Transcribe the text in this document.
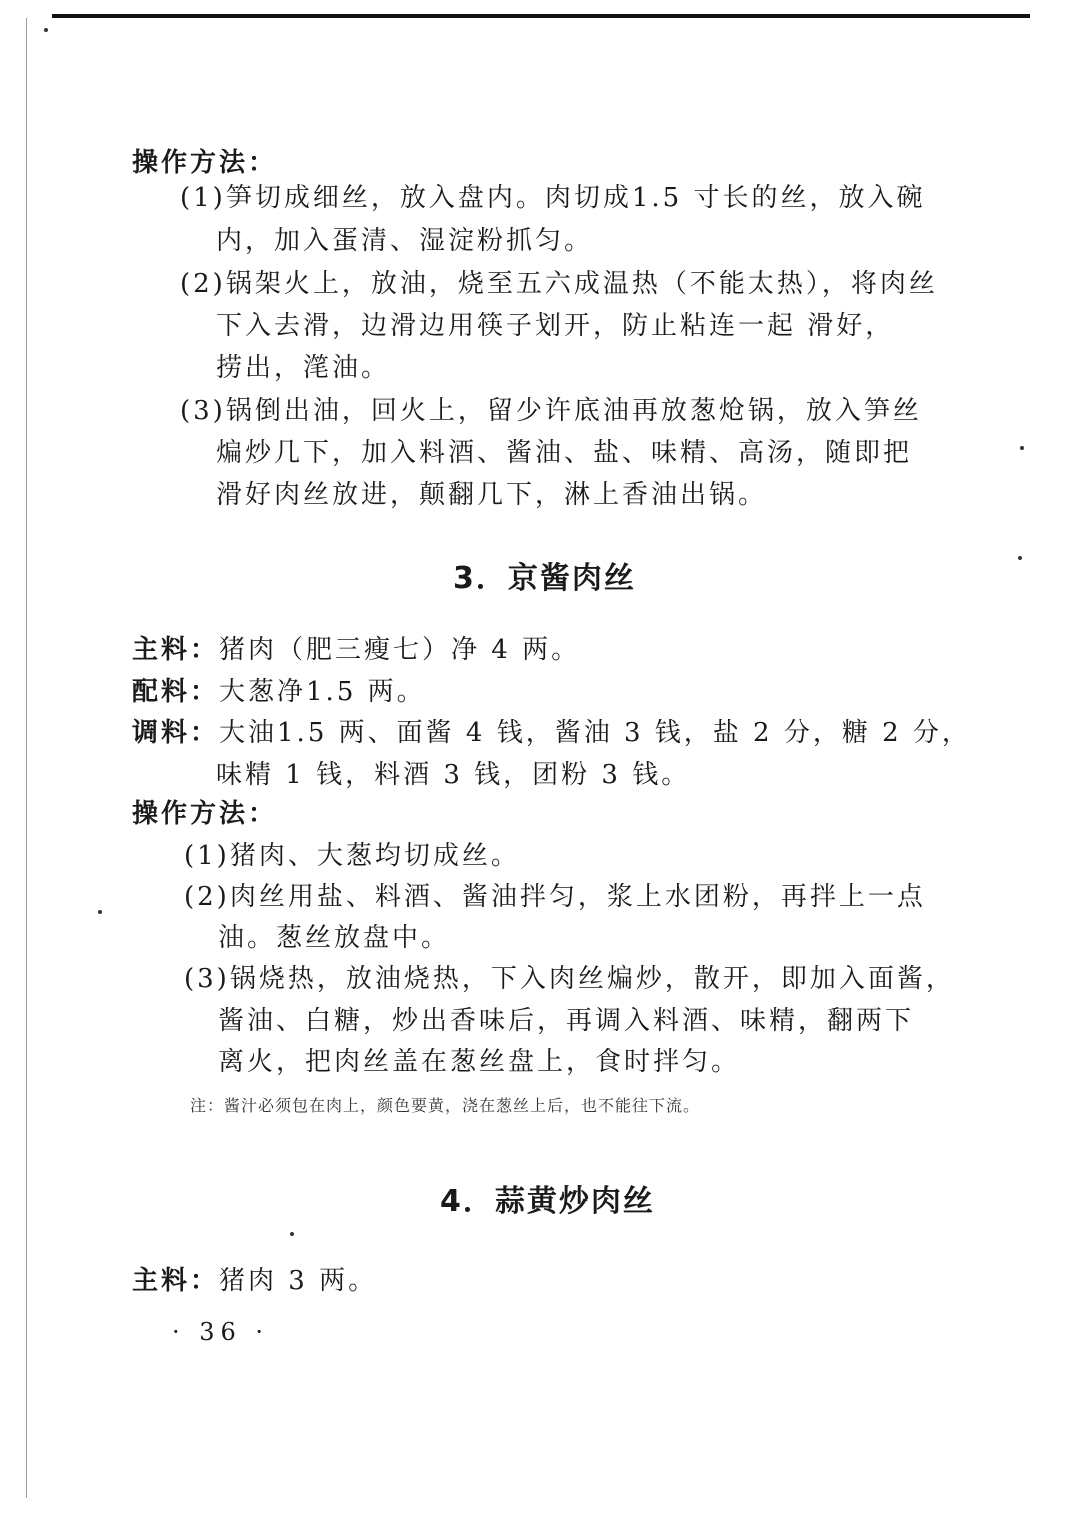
操作方法：
(1)笋切成细丝，放入盘内。肉切成1.5 寸长的丝，放入碗
内，加入蛋清、湿淀粉抓匀。
(2)锅架火上，放油，烧至五六成温热（不能太热），将肉丝
下入去滑，边滑边用筷子划开，防止粘连一起 滑好，
捞出，滗油。
(3)锅倒出油，回火上，留少许底油再放葱炝锅，放入笋丝
煸炒几下，加入料酒、酱油、盐、味精、高汤，随即把
滑好肉丝放进，颠翻几下，淋上香油出锅。
3．京酱肉丝
主料：猪肉（肥三瘦七）净 4 两。
配料：大葱净1.5 两。
调料：大油1.5 两、面酱 4 钱，酱油 3 钱，盐 2 分，糖 2 分，
味精 1 钱，料酒 3 钱，团粉 3 钱。
操作方法：
(1)猪肉、大葱均切成丝。
(2)肉丝用盐、料酒、酱油拌匀，浆上水团粉，再拌上一点
油。葱丝放盘中。
(3)锅烧热，放油烧热，下入肉丝煸炒，散开，即加入面酱，
酱油、白糖，炒出香味后，再调入料酒、味精，翻两下
离火，把肉丝盖在葱丝盘上，食时拌匀。
注：酱汁必须包在肉上，颜色要黄，浇在葱丝上后，也不能往下流。
4．蒜黄炒肉丝
主料：猪肉 3 两。
· 36 ·
